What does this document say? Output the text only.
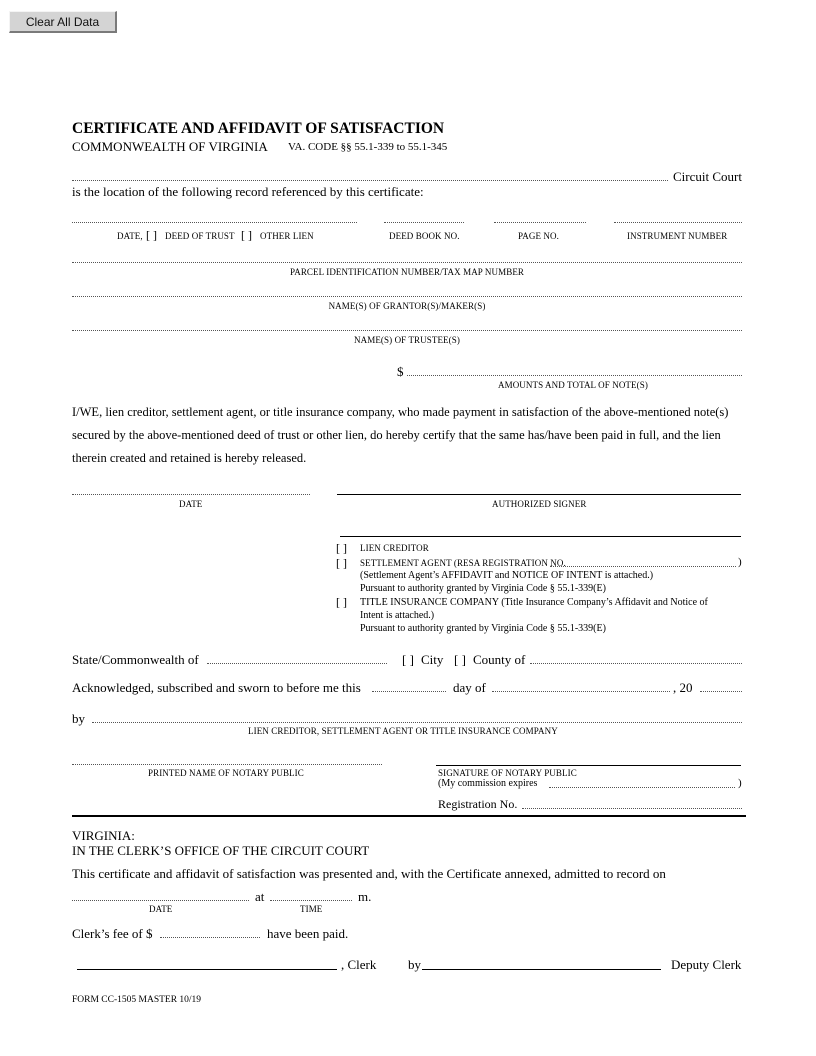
Clear All Data
CERTIFICATE AND AFFIDAVIT OF SATISFACTION
COMMONWEALTH OF VIRGINIA VA. CODE §§ 55.1-339 to 55.1-345
Circuit Court
is the location of the following record referenced by this certificate:
DATE, [ ] DEED OF TRUST [ ] OTHER LIEN	DEED BOOK NO.	PAGE NO.	INSTRUMENT NUMBER
PARCEL IDENTIFICATION NUMBER/TAX MAP NUMBER
NAME(S) OF GRANTOR(S)/MAKER(S)
NAME(S) OF TRUSTEE(S)
$
AMOUNTS AND TOTAL OF NOTE(S)
I/WE, lien creditor, settlement agent, or title insurance company, who made payment in satisfaction of the above-mentioned note(s) secured by the above-mentioned deed of trust or other lien, do hereby certify that the same has/have been paid in full, and the lien therein created and retained is hereby released.
DATE	AUTHORIZED SIGNER
[ ] LIEN CREDITOR
[ ] SETTLEMENT AGENT (RESA REGISTRATION NO.	)
(Settlement Agent’s AFFIDAVIT and NOTICE OF INTENT is attached.)
Pursuant to authority granted by Virginia Code § 55.1-339(E)
[ ] TITLE INSURANCE COMPANY (Title Insurance Company’s Affidavit and Notice of
Intent is attached.)
Pursuant to authority granted by Virginia Code § 55.1-339(E)
State/Commonwealth of	[ ] City [ ] County of
Acknowledged, subscribed and sworn to before me this	day of	, 20
by
LIEN CREDITOR, SETTLEMENT AGENT OR TITLE INSURANCE COMPANY
PRINTED NAME OF NOTARY PUBLIC	SIGNATURE OF NOTARY PUBLIC
(My commission expires	)
Registration No.
VIRGINIA:
IN THE CLERK’S OFFICE OF THE CIRCUIT COURT
This certificate and affidavit of satisfaction was presented and, with the Certificate annexed, admitted to record on
at	m.
DATE	TIME
Clerk’s fee of $	have been paid.
, Clerk by	Deputy Clerk
FORM CC-1505 MASTER 10/19
